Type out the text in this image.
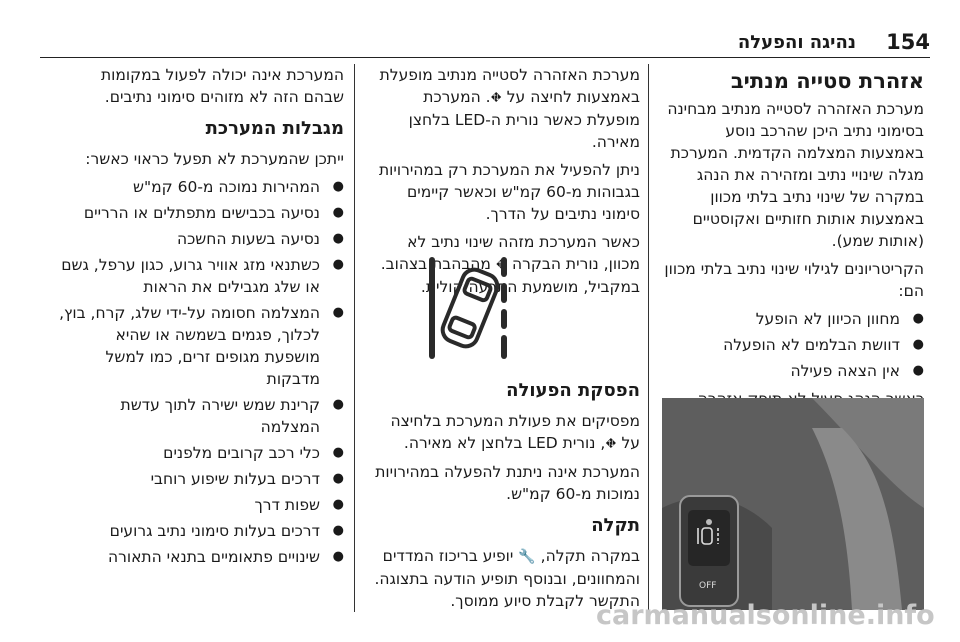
154
נהיגה והפעלה
אזהרת סטייה מנתיב

מערכת האזהרה לסטייה מנתיב מבחינה בסימוני נתיב היכן שהרכב נוסע באמצעות המצלמה הקדמית. המערכת מגלה שינויי נתיב ומזהירה את הנהג במקרה של שינוי נתיב בלתי מכוון באמצעות אותות חזותיים ואקוסטיים (אותות שמע).

הקריטריונים לגילוי שינוי נתיב בלתי מכוון הם:

● מחוון הכיוון לא הופעל
● דוושת הבלמים לא הופעלה
● אין הצאה פעילה

OFF

מערכת האזהרה לסטייה מנתיב מופעלת באמצעות לחיצה על ⛖. המערכת מופעלת כאשר נורית ה-LED בלחצן מאירה.

ניתן להפעיל את המערכת רק במהירויות בגבוהות מ-60 קמ"ש וכאשר קיימים סימוני נתיבים על הדרך.

כאשר המערכת מזהה שינוי נתיב לא מכוון, נורית הבקרה ⛖ מהבהבת בצהוב. במקביל, מושמעת התרעה קולית.

הפסקת הפעולה

מפסיקים את פעולת המערכת בלחיצה על ⛖, נורית LED בלחצן לא מאירה.

המערכת אינה ניתנת להפעלה במהירויות נמוכות מ-60 קמ"ש.

תקלה

במקרה תקלה, 🔧 יופיע בריכוז המדדים והמחוונים, ובנוסף תופיע הודעה בתצוגה. התקשר לקבלת סיוע ממוסך.

המערכת אינה יכולה לפעול במקומות שבהם הזה לא מזוהים סימוני נתיבים.

מגבלות המערכת

ייתכן שהמערכת לא תפעל כראוי כאשר:

● המהירות נמוכה מ-60 קמ"ש
● נסיעה בכבישים מתפתלים או הרריים
● נסיעה בשעות החשכה
● כשתנאי מזג אוויר גרוע, כגון ערפל, גשם או שלג מגבילים את הראות
● המצלמה חסומה על-ידי שלג, קרח, בוץ, לכלוך, פגמים בשמשה או שהיא מושפעת מגופים זרים, כמו למשל מדבקות
● קרינת שמש ישירה לתוך עדשת המצלמה
● כלי רכב קרובים מלפנים
● דרכים בעלות שיפוע רוחבי
● שפות דרך
● דרכים בעלות סימוני נתיב גרועים
● שינויים פתאומיים בתנאי התאורה
carmanualsonline.info
